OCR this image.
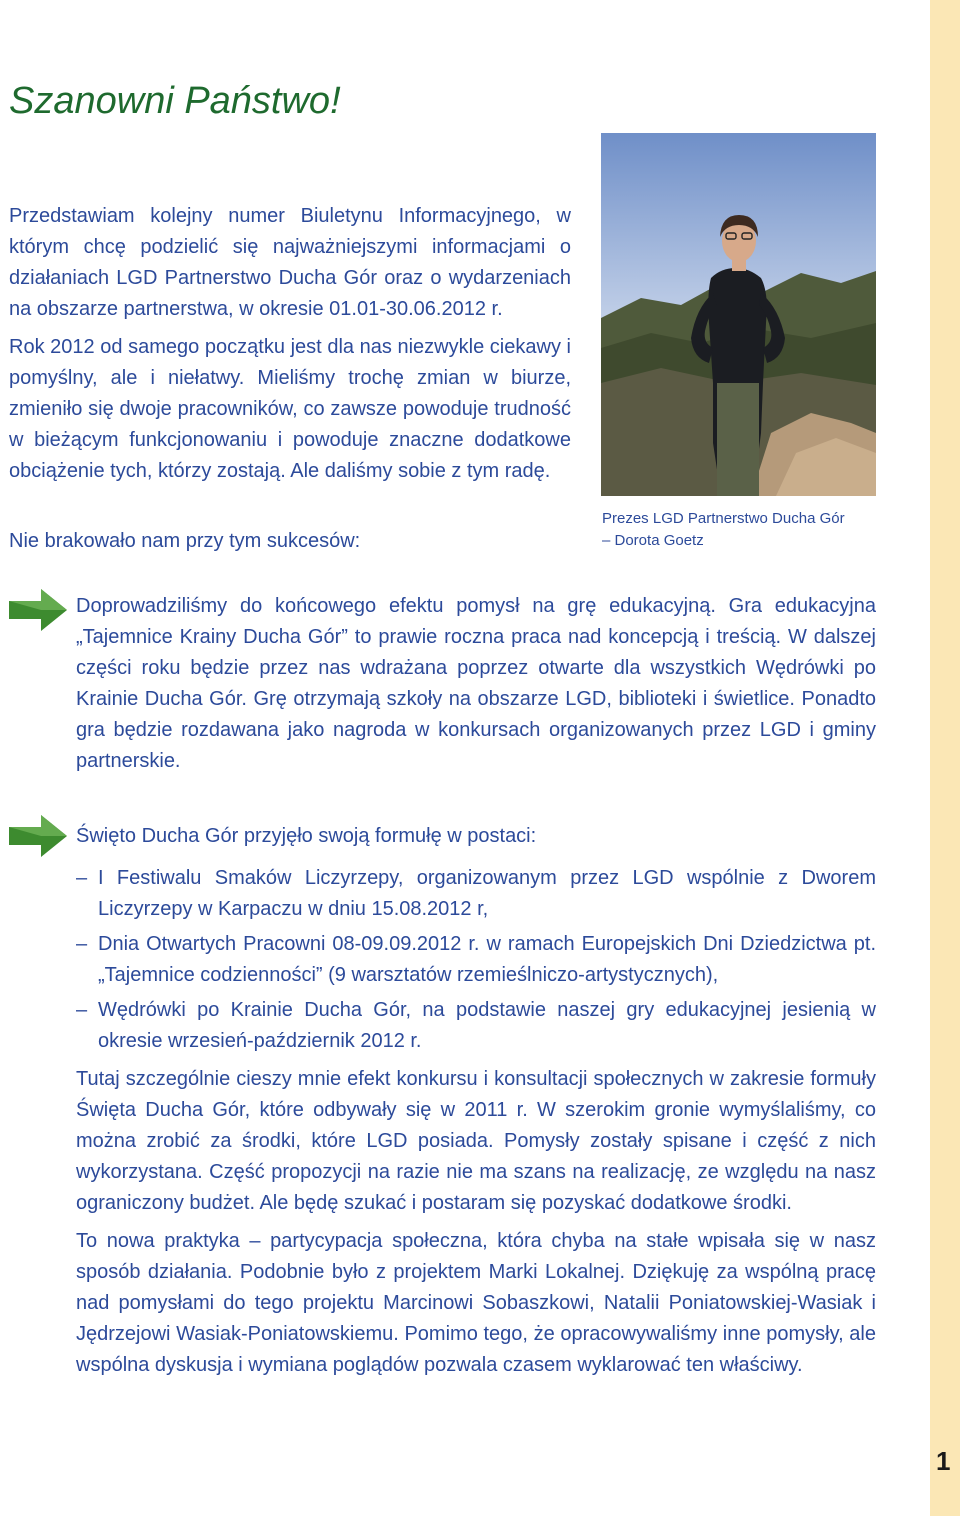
1
Szanowni Państwo!

Przedstawiam kolejny numer Biuletynu Informacyjnego, w którym chcę podzielić się najważniejszymi informacjami o działaniach LGD Partnerstwo Ducha Gór oraz o wydarzeniach na obszarze partnerstwa, w okresie 01.01-30.06.2012 r.

Rok 2012 od samego początku jest dla nas niezwykle ciekawy i pomyślny, ale i niełatwy. Mieliśmy trochę zmian w biurze, zmieniło się dwoje pracowników, co zawsze powoduje trudność w bieżącym funkcjonowaniu i powoduje znaczne dodatkowe obciążenie tych, którzy zostają. Ale daliśmy sobie z tym radę.

Nie brakowało nam przy tym sukcesów:
Prezes LGD Partnerstwo Ducha Gór
– Dorota Goetz
Doprowadziliśmy do końcowego efektu pomysł na grę edukacyjną. Gra edukacyjna „Tajemnice Krainy Ducha Gór” to prawie roczna praca nad koncepcją i treścią. W dalszej części roku będzie przez nas wdrażana poprzez otwarte dla wszystkich Wędrówki po Krainie Ducha Gór. Grę otrzymają szkoły na obszarze LGD, biblioteki i świetlice. Ponadto gra będzie rozdawana jako nagroda w konkursach organizowanych przez LGD i gminy partnerskie.

Święto Ducha Gór przyjęło swoją formułę w postaci:

– I Festiwalu Smaków Liczyrzepy, organizowanym przez LGD wspólnie z Dworem Liczyrzepy w Karpaczu w dniu 15.08.2012 r,
– Dnia Otwartych Pracowni 08-09.09.2012 r. w ramach Europejskich Dni Dziedzictwa pt. „Tajemnice codzienności” (9 warsztatów rzemieślniczo-artystycznych),
– Wędrówki po Krainie Ducha Gór, na podstawie naszej gry edukacyjnej jesienią w okresie wrzesień-październik 2012 r.

Tutaj szczególnie cieszy mnie efekt konkursu i konsultacji społecznych w zakresie formuły Święta Ducha Gór, które odbywały się w 2011 r. W szerokim gronie wymyślaliśmy, co można zrobić za środki, które LGD posiada. Pomysły zostały spisane i część z nich wykorzystana. Część propozycji na razie nie ma szans na realizację, ze względu na nasz ograniczony budżet. Ale będę szukać i postaram się pozyskać dodatkowe środki.

To nowa praktyka – partycypacja społeczna, która chyba na stałe wpisała się w nasz sposób działania. Podobnie było z projektem Marki Lokalnej. Dziękuję za wspólną pracę nad pomysłami do tego projektu Marcinowi Sobaszkowi, Natalii Poniatowskiej-Wasiak i Jędrzejowi Wasiak-Poniatowskiemu. Pomimo tego, że opracowywaliśmy inne pomysły, ale wspólna dyskusja i wymiana poglądów pozwala czasem wyklarować ten właściwy.
